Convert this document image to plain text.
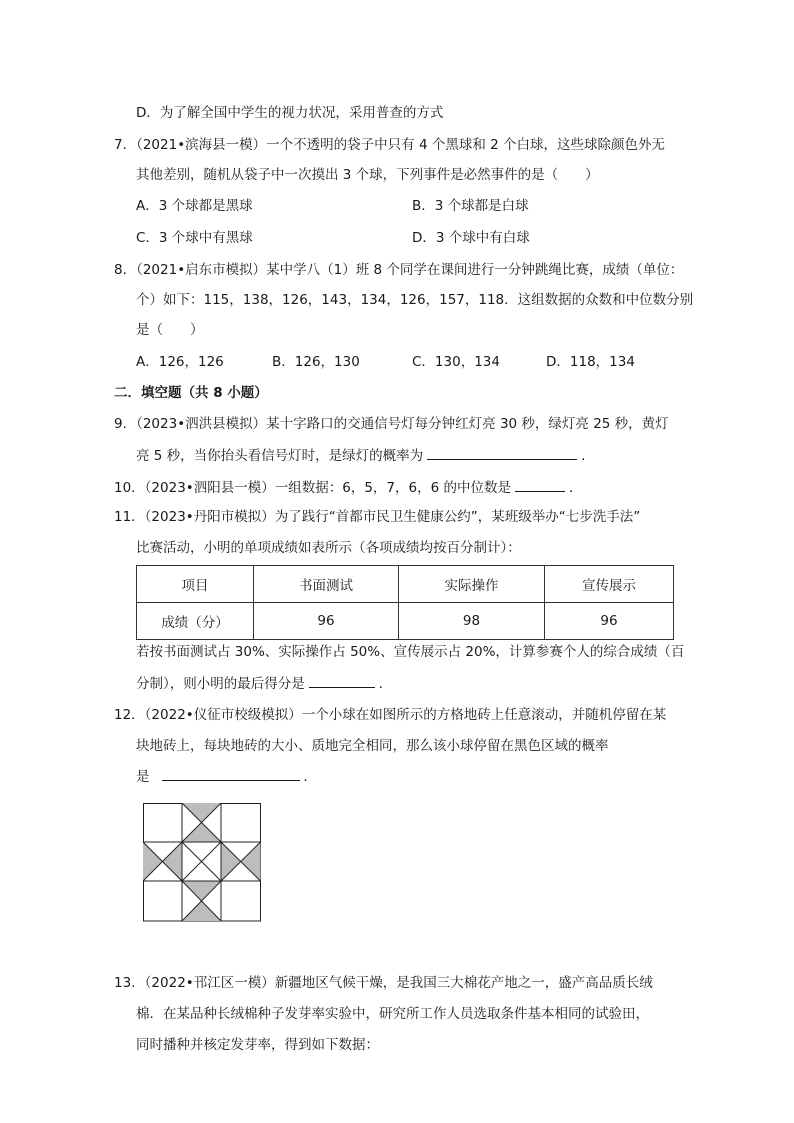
D．为了解全国中学生的视力状况，采用普查的方式
7．（2021•滨海县一模）一个不透明的袋子中只有 4 个黑球和 2 个白球，这些球除颜色外无
其他差别，随机从袋子中一次摸出 3 个球，下列事件是必然事件的是（　　）
A．3 个球都是黑球	B．3 个球都是白球
C．3 个球中有黑球	D．3 个球中有白球
8．（2021•启东市模拟）某中学八（1）班 8 个同学在课间进行一分钟跳绳比赛，成绩（单位：
个）如下：115，138，126，143，134，126，157，118．这组数据的众数和中位数分别
是（　　）
A．126，126	B．126，130	C．130，134	D．118，134
二．填空题（共 8 小题）
9．（2023•泗洪县模拟）某十字路口的交通信号灯每分钟红灯亮 30 秒，绿灯亮 25 秒，黄灯
亮 5 秒，当你抬头看信号灯时，是绿灯的概率为	．
10．（2023•泗阳县一模）一组数据：6，5，7，6，6 的中位数是	．
11．（2023•丹阳市模拟）为了践行“首都市民卫生健康公约”，某班级举办“七步洗手法”
比赛活动，小明的单项成绩如表所示（各项成绩均按百分制计）：
项目	书面测试	实际操作	宣传展示
成绩（分）	96	98	96
若按书面测试占 30%、实际操作占 50%、宣传展示占 20%，计算参赛个人的综合成绩（百
分制），则小明的最后得分是	．
12．（2022•仪征市校级模拟）一个小球在如图所示的方格地砖上任意滚动，并随机停留在某
块地砖上，每块地砖的大小、质地完全相同，那么该小球停留在黑色区域的概率
是	．
13．（2022•邗江区一模）新疆地区气候干燥，是我国三大棉花产地之一，盛产高品质长绒
棉．在某品种长绒棉种子发芽率实验中，研究所工作人员选取条件基本相同的试验田，
同时播种并核定发芽率，得到如下数据：
